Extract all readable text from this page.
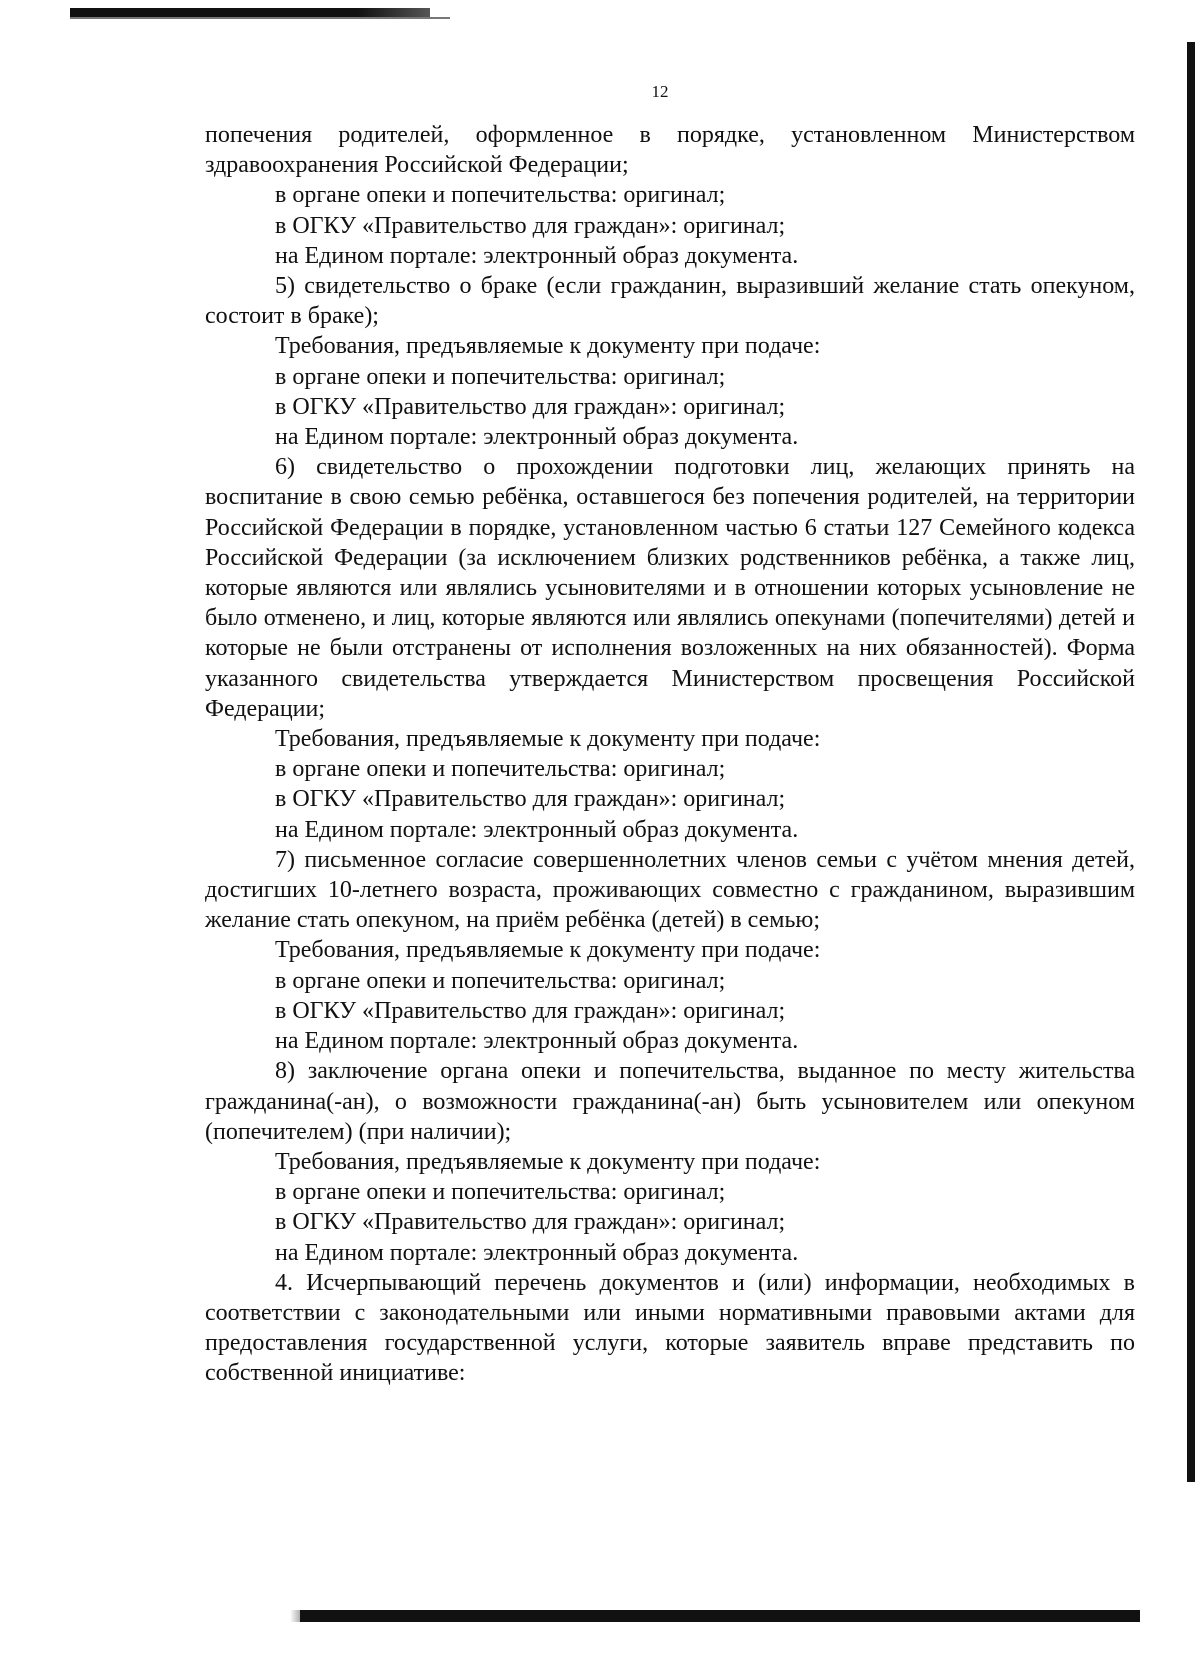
12

попечения родителей, оформленное в порядке, установленном Министерством здравоохранения Российской Федерации;

в органе опеки и попечительства: оригинал;

в ОГКУ «Правительство для граждан»: оригинал;

на Едином портале: электронный образ документа.

5) свидетельство о браке (если гражданин, выразивший желание стать опекуном, состоит в браке);

Требования, предъявляемые к документу при подаче:

в органе опеки и попечительства: оригинал;

в ОГКУ «Правительство для граждан»: оригинал;

на Едином портале: электронный образ документа.

6) свидетельство о прохождении подготовки лиц, желающих принять на воспитание в свою семью ребёнка, оставшегося без попечения родителей, на территории Российской Федерации в порядке, установленном частью 6 статьи 127 Семейного кодекса Российской Федерации (за исключением близких родственников ребёнка, а также лиц, которые являются или являлись усыновителями и в отношении которых усыновление не было отменено, и лиц, которые являются или являлись опекунами (попечителями) детей и которые не были отстранены от исполнения возложенных на них обязанностей). Форма указанного свидетельства утверждается Министерством просвещения Российской Федерации;

Требования, предъявляемые к документу при подаче:

в органе опеки и попечительства: оригинал;

в ОГКУ «Правительство для граждан»: оригинал;

на Едином портале: электронный образ документа.

7) письменное согласие совершеннолетних членов семьи с учётом мнения детей, достигших 10-летнего возраста, проживающих совместно с гражданином, выразившим желание стать опекуном, на приём ребёнка (детей) в семью;

Требования, предъявляемые к документу при подаче:

в органе опеки и попечительства: оригинал;

в ОГКУ «Правительство для граждан»: оригинал;

на Едином портале: электронный образ документа.

8) заключение органа опеки и попечительства, выданное по месту жительства гражданина(-ан), о возможности гражданина(-ан) быть усыновителем или опекуном (попечителем) (при наличии);

Требования, предъявляемые к документу при подаче:

в органе опеки и попечительства: оригинал;

в ОГКУ «Правительство для граждан»: оригинал;

на Едином портале: электронный образ документа.

4. Исчерпывающий перечень документов и (или) информации, необходимых в соответствии с законодательными или иными нормативными правовыми актами для предоставления государственной услуги, которые заявитель вправе представить по собственной инициативе:
